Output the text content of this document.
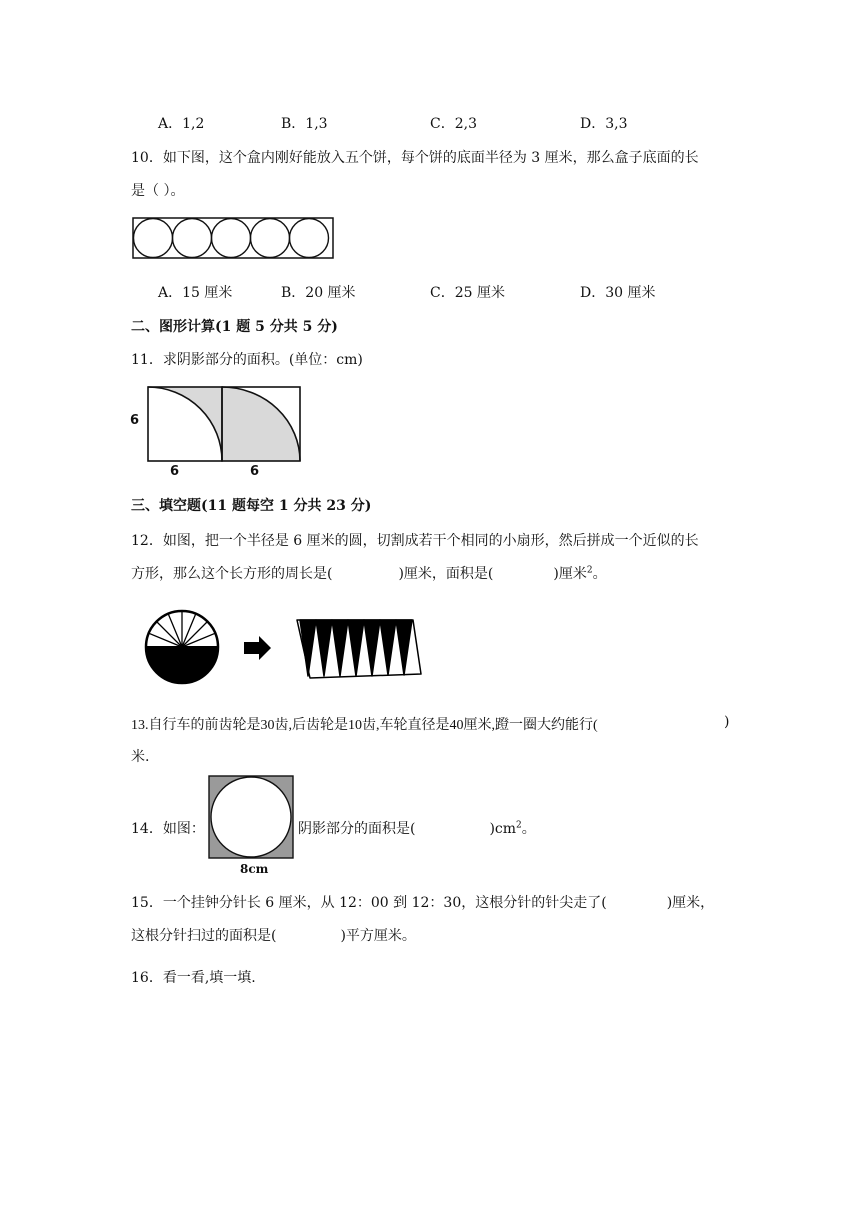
A．1,2	B．1,3	C．2,3	D．3,3
10．如下图，这个盒内刚好能放入五个饼，每个饼的底面半径为 3 厘米，那么盒子底面的长
是（ ）。
A．15 厘米	B．20 厘米	C．25 厘米	D．30 厘米
二、图形计算(1 题 5 分共 5 分)
11．求阴影部分的面积。(单位：cm)
6
6	6
三、填空题(11 题每空 1 分共 23 分)
12．如图，把一个半径是 6 厘米的圆，切割成若干个相同的小扇形，然后拼成一个近似的长
方形，那么这个长方形的周长是(	)厘米，面积是(	)厘米$^2$。
13.自行车的前齿轮是30齿,后齿轮是10齿,车轮直径是40厘米,蹬一圈大约能行(	)
米.
14．如图：
8cm
阴影部分的面积是(	)$cm^2$。
15．一个挂钟分针长 6 厘米，从 12：00 到 12：30，这根分针的针尖走了(	)厘米，
这根分针扫过的面积是(	)平方厘米。
16．看一看,填一填.
